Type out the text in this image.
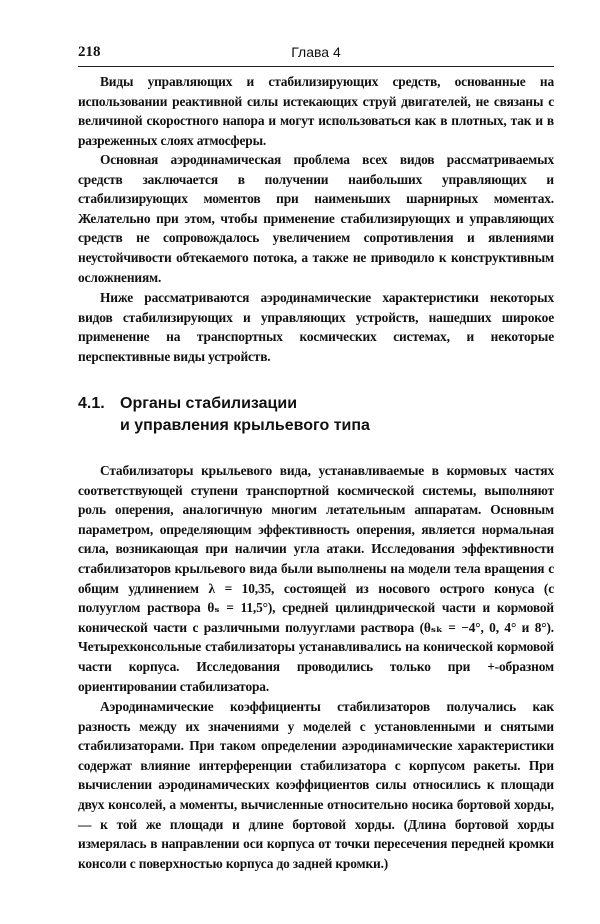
218	Глава 4

Виды управляющих и стабилизирующих средств, основанные на использовании реактивной силы истекающих струй двигателей, не связаны с величиной скоростного напора и могут использоваться как в плотных, так и в разреженных слоях атмосферы.

Основная аэродинамическая проблема всех видов рассматриваемых средств заключается в получении наибольших управляющих и стабилизирующих моментов при наименьших шарнирных моментах. Желательно при этом, чтобы применение стабилизирующих и управляющих средств не сопровождалось увеличением сопротивления и явлениями неустойчивости обтекаемого потока, а также не приводило к конструктивным осложнениям.

Ниже рассматриваются аэродинамические характеристики некоторых видов стабилизирующих и управляющих устройств, нашедших широкое применение на транспортных космических системах, и некоторые перспективные виды устройств.

4.1. Органы стабилизации
и управления крыльевого типа

Стабилизаторы крыльевого вида, устанавливаемые в кормовых частях соответствующей ступени транспортной космической системы, выполняют роль оперения, аналогичную многим летательным аппаратам. Основным параметром, определяющим эффективность оперения, является нормальная сила, возникающая при наличии угла атаки. Исследования эффективности стабилизаторов крыльевого вида были выполнены на модели тела вращения с общим удлинением λ = 10,35, состоящей из носового острого конуса (с полууглом раствора θₛ = 11,5°), средней цилиндрической части и кормовой конической части с различными полууглами раствора (θₛₖ = −4°, 0, 4° и 8°). Четырехконсольные стабилизаторы устанавливались на конической кормовой части корпуса. Исследования проводились только при +-образном ориентировании стабилизатора.

Аэродинамические коэффициенты стабилизаторов получались как разность между их значениями у моделей с установленными и снятыми стабилизаторами. При таком определении аэродинамические характеристики содержат влияние интерференции стабилизатора с корпусом ракеты. При вычислении аэродинамических коэффициентов силы относились к площади двух консолей, а моменты, вычисленные относительно носика бортовой хорды, — к той же площади и длине бортовой хорды. (Длина бортовой хорды измерялась в направлении оси корпуса от точки пересечения передней кромки консоли с поверхностью корпуса до задней кромки.)
